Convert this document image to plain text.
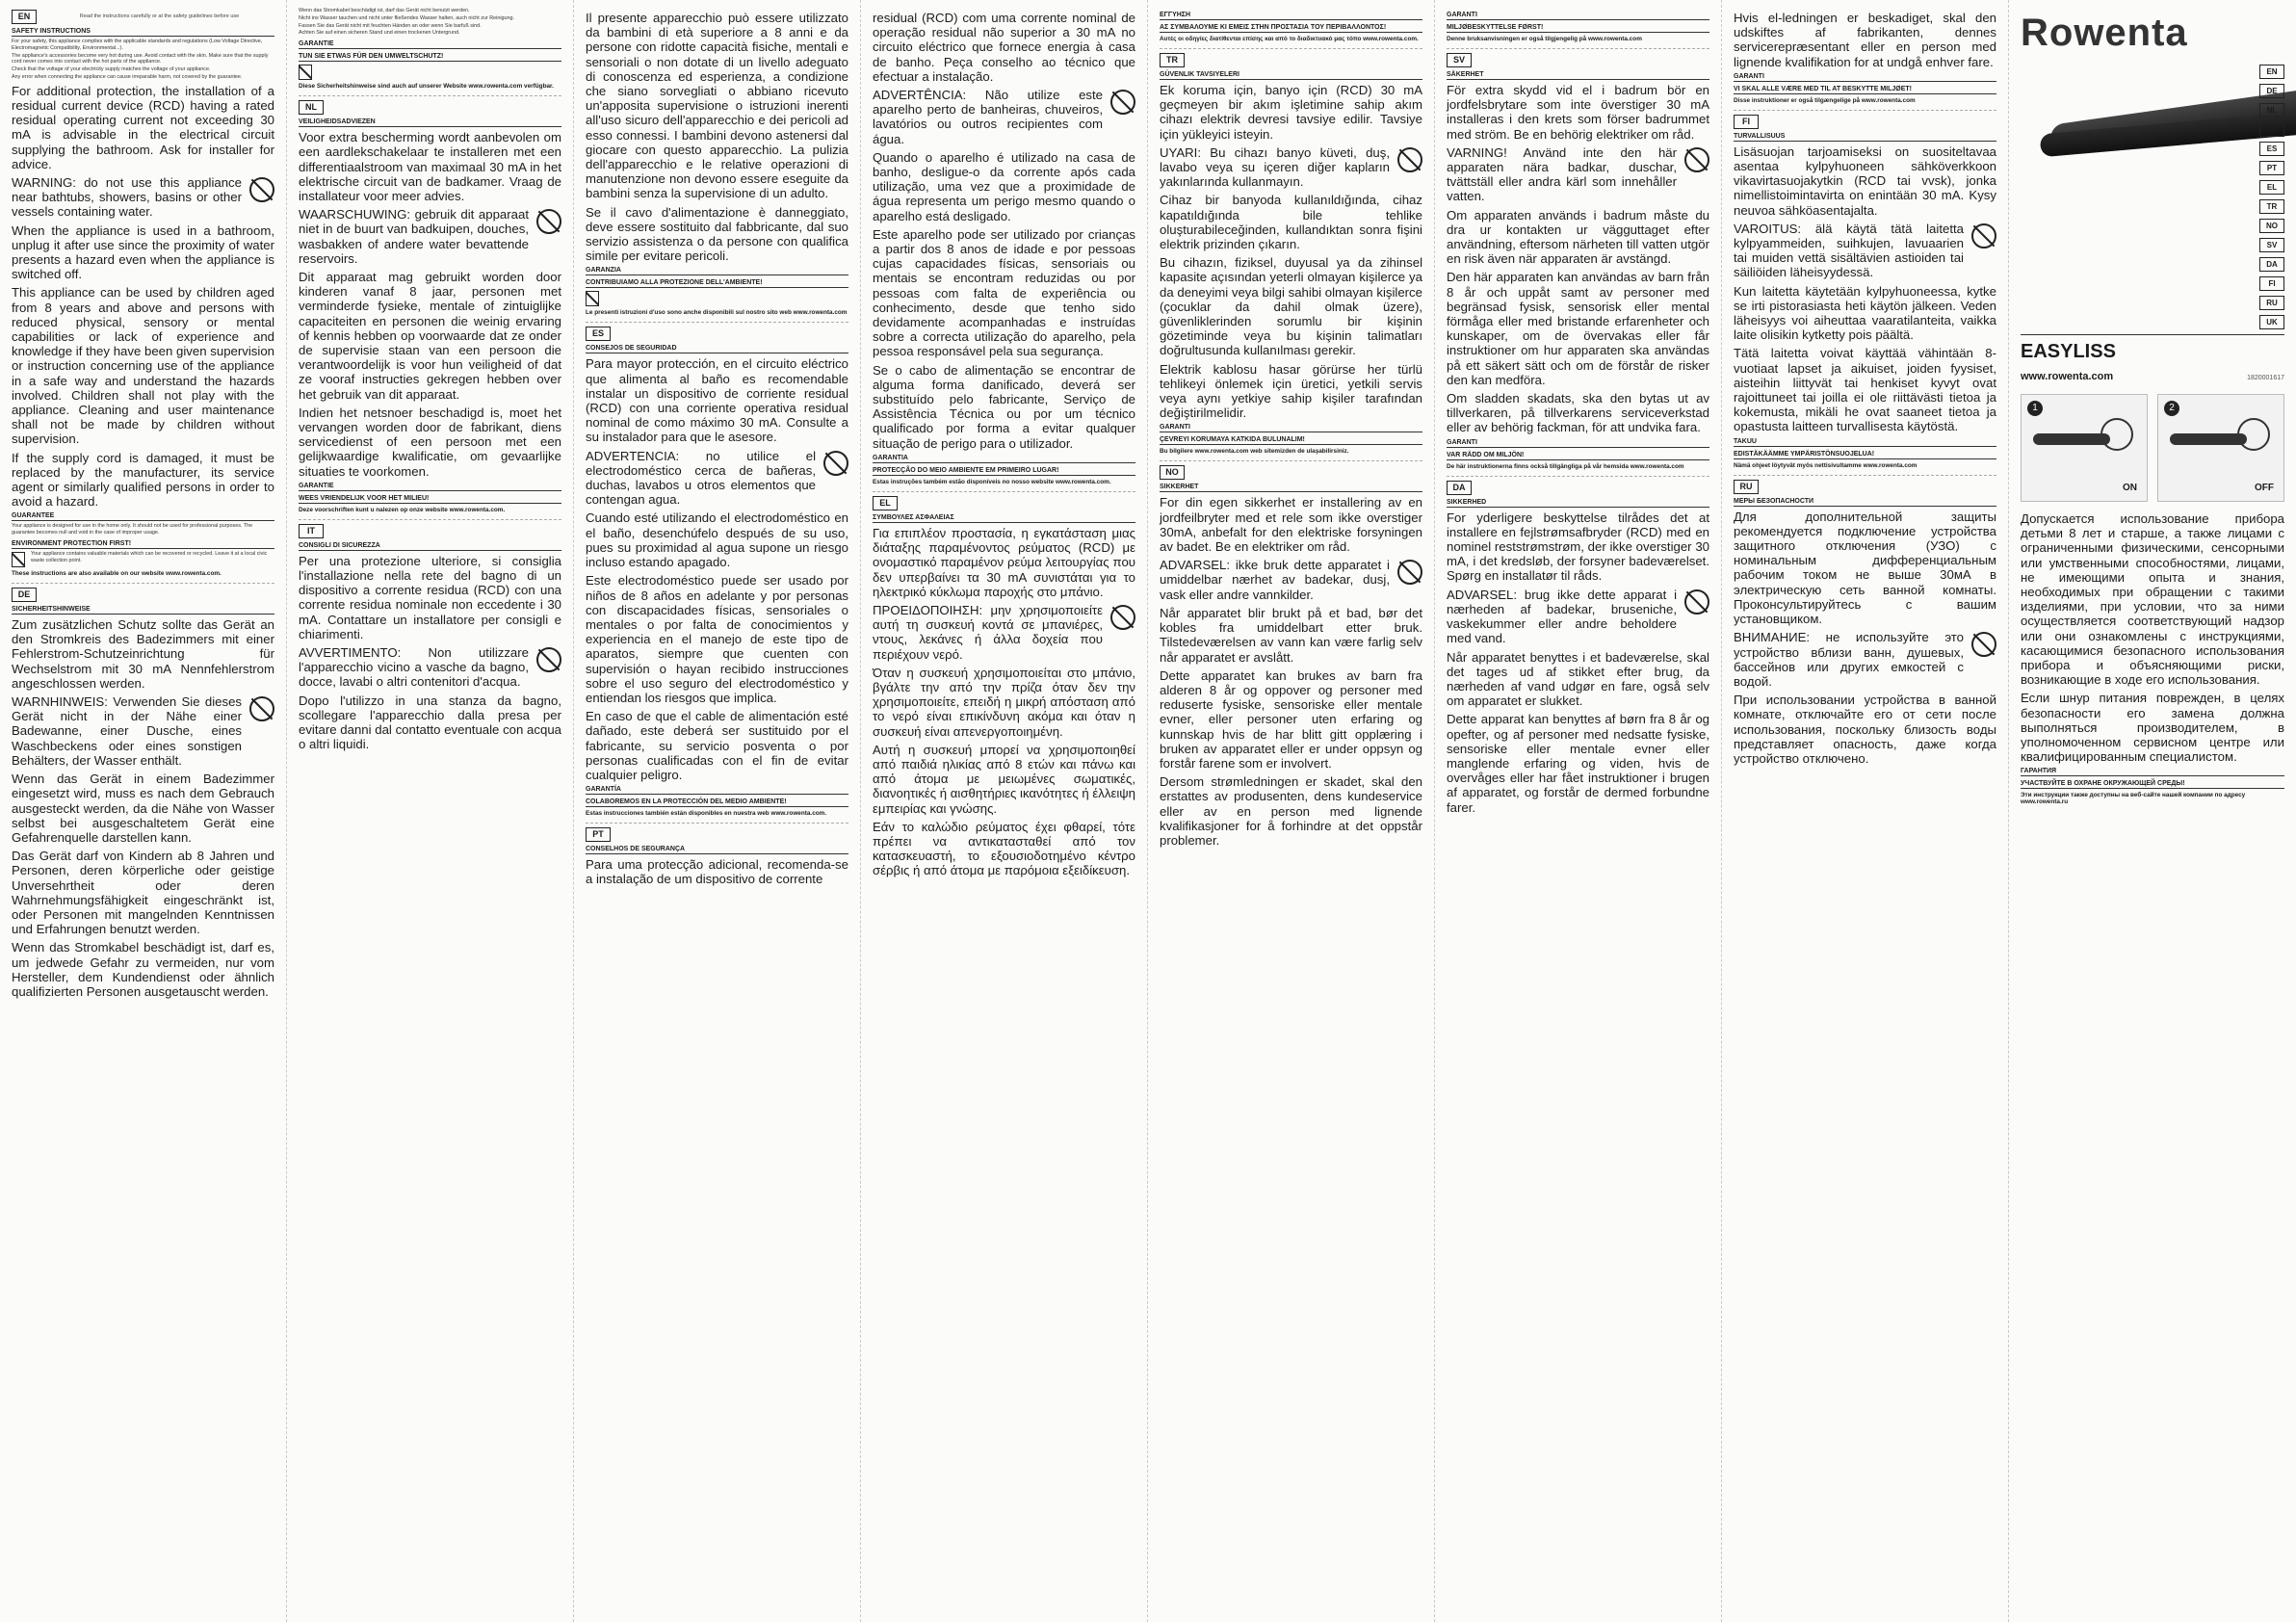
EN	Read the instructions carefully or at the safety guidelines before use
SAFETY INSTRUCTIONS

For your safety, this appliance complies with the applicable standards and regulations (Low Voltage Directive, Electromagnetic Compatibility, Environmental...).

The appliance's accessories become very hot during use. Avoid contact with the skin. Make sure that the supply cord never comes into contact with the hot parts of the appliance.

Check that the voltage of your electricity supply matches the voltage of your appliance.

Any error when connecting the appliance can cause irreparable harm, not covered by the guarantee.

For additional protection, the installation of a residual current device (RCD) having a rated residual operating current not exceeding 30 mA is advisable in the electrical circuit supplying the bathroom. Ask for installer for advice.

WARNING: do not use this appliance near bathtubs, showers, basins or other vessels containing water.

When the appliance is used in a bathroom, unplug it after use since the proximity of water presents a hazard even when the appliance is switched off.

This appliance can be used by children aged from 8 years and above and persons with reduced physical, sensory or mental capabilities or lack of experience and knowledge if they have been given supervision or instruction concerning use of the appliance in a safe way and understand the hazards involved. Children shall not play with the appliance. Cleaning and user maintenance shall not be made by children without supervision.

If the supply cord is damaged, it must be replaced by the manufacturer, its service agent or similarly qualified persons in order to avoid a hazard.

GUARANTEE

Your appliance is designed for use in the home only. It should not be used for professional purposes. The guarantee becomes null and void in the case of improper usage.

ENVIRONMENT PROTECTION FIRST!

Your appliance contains valuable materials which can be recovered or recycled. Leave it at a local civic waste collection point.

These instructions are also available on our website www.rowenta.com.

DE
SICHERHEITSHINWEISE

Zum zusätzlichen Schutz sollte das Gerät an den Stromkreis des Badezimmers mit einer Fehlerstrom-Schutzeinrichtung für Wechselstrom mit 30 mA Nennfehlerstrom angeschlossen werden.

WARNHINWEIS: Verwenden Sie dieses Gerät nicht in der Nähe einer Badewanne, einer Dusche, eines Waschbeckens oder eines sonstigen Behälters, der Wasser enthält.

Wenn das Gerät in einem Badezimmer eingesetzt wird, muss es nach dem Gebrauch ausgesteckt werden, da die Nähe von Wasser selbst bei ausgeschaltetem Gerät eine Gefahrenquelle darstellen kann.

Das Gerät darf von Kindern ab 8 Jahren und Personen, deren körperliche oder geistige Unversehrtheit oder deren Wahrnehmungsfähigkeit eingeschränkt ist, oder Personen mit mangelnden Kenntnissen und Erfahrungen benutzt werden.

Wenn das Stromkabel beschädigt ist, darf es, um jedwede Gefahr zu vermeiden, nur vom Hersteller, dem Kundendienst oder ähnlich qualifizierten Personen ausgetauscht werden.

Wenn das Stromkabel beschädigt ist, darf das Gerät nicht benutzt werden.

Nicht ins Wasser tauchen und nicht unter fließendes Wasser halten, auch nicht zur Reinigung.

Fassen Sie das Gerät nicht mit feuchten Händen an oder wenn Sie barfuß sind.

Achten Sie auf einen sicheren Stand und einen trockenen Untergrund.

GARANTIE
TUN SIE ETWAS FÜR DEN UMWELTSCHUTZ!

Diese Sicherheitshinweise sind auch auf unserer Website www.rowenta.com verfügbar.

NL
VEILIGHEIDSADVIEZEN

Voor extra bescherming wordt aanbevolen om een aardlekschakelaar te installeren met een differentiaalstroom van maximaal 30 mA in het elektrische circuit van de badkamer. Vraag de installateur voor meer advies.

WAARSCHUWING: gebruik dit apparaat niet in de buurt van badkuipen, douches, wasbakken of andere water bevattende reservoirs.

Dit apparaat mag gebruikt worden door kinderen vanaf 8 jaar, personen met verminderde fysieke, mentale of zintuiglijke capaciteiten en personen die weinig ervaring of kennis hebben op voorwaarde dat ze onder de supervisie staan van een persoon die verantwoordelijk is voor hun veiligheid of dat ze vooraf instructies gekregen hebben over het gebruik van dit apparaat.

Indien het netsnoer beschadigd is, moet het vervangen worden door de fabrikant, diens servicedienst of een persoon met een gelijkwaardige kwalificatie, om gevaarlijke situaties te voorkomen.

GARANTIE
WEES VRIENDELIJK VOOR HET MILIEU!

Deze voorschriften kunt u nalezen op onze website www.rowenta.com.

IT
CONSIGLI DI SICUREZZA

Per una protezione ulteriore, si consiglia l'installazione nella rete del bagno di un dispositivo a corrente residua (RCD) con una corrente residua nominale non eccedente i 30 mA. Contattare un installatore per consigli e chiarimenti.

AVVERTIMENTO: Non utilizzare l'apparecchio vicino a vasche da bagno, docce, lavabi o altri contenitori d'acqua.

Dopo l'utilizzo in una stanza da bagno, scollegare l'apparecchio dalla presa per evitare danni dal contatto eventuale con acqua o altri liquidi.

Il presente apparecchio può essere utilizzato da bambini di età superiore a 8 anni e da persone con ridotte capacità fisiche, mentali e sensoriali o non dotate di un livello adeguato di conoscenza ed esperienza, a condizione che siano sorvegliati o abbiano ricevuto un'apposita supervisione o istruzioni inerenti all'uso sicuro dell'apparecchio e dei pericoli ad esso connessi. I bambini devono astenersi dal giocare con questo apparecchio. La pulizia dell'apparecchio e le relative operazioni di manutenzione non devono essere eseguite da bambini senza la supervisione di un adulto.

Se il cavo d'alimentazione è danneggiato, deve essere sostituito dal fabbricante, dal suo servizio assistenza o da persone con qualifica simile per evitare pericoli.

GARANZIA
CONTRIBUIAMO ALLA PROTEZIONE DELL'AMBIENTE!

Le presenti istruzioni d'uso sono anche disponibili sul nostro sito web www.rowenta.com

ES
CONSEJOS DE SEGURIDAD

Para mayor protección, en el circuito eléctrico que alimenta al baño es recomendable instalar un dispositivo de corriente residual (RCD) con una corriente operativa residual nominal de como máximo 30 mA. Consulte a su instalador para que le asesore.

ADVERTENCIA: no utilice el electrodoméstico cerca de bañeras, duchas, lavabos u otros elementos que contengan agua.

Cuando esté utilizando el electrodoméstico en el baño, desenchúfelo después de su uso, pues su proximidad al agua supone un riesgo incluso estando apagado.

Este electrodoméstico puede ser usado por niños de 8 años en adelante y por personas con discapacidades físicas, sensoriales o mentales o por falta de conocimientos y experiencia en el manejo de este tipo de aparatos, siempre que cuenten con supervisión o hayan recibido instrucciones sobre el uso seguro del electrodoméstico y entiendan los riesgos que implica.

En caso de que el cable de alimentación esté dañado, este deberá ser sustituido por el fabricante, su servicio posventa o por personas cualificadas con el fin de evitar cualquier peligro.

GARANTÍA
COLABOREMOS EN LA PROTECCIÓN DEL MEDIO AMBIENTE!

Estas instrucciones también están disponibles en nuestra web www.rowenta.com.

PT
CONSELHOS DE SEGURANÇA

Para uma protecção adicional, recomenda-se a instalação de um dispositivo de corrente

residual (RCD) com uma corrente nominal de operação residual não superior a 30 mA no circuito eléctrico que fornece energia à casa de banho. Peça conselho ao técnico que efectuar a instalação.

ADVERTÊNCIA: Não utilize este aparelho perto de banheiras, chuveiros, lavatórios ou outros recipientes com água.

Quando o aparelho é utilizado na casa de banho, desligue-o da corrente após cada utilização, uma vez que a proximidade de água representa um perigo mesmo quando o aparelho está desligado.

Este aparelho pode ser utilizado por crianças a partir dos 8 anos de idade e por pessoas cujas capacidades físicas, sensoriais ou mentais se encontram reduzidas ou por pessoas com falta de experiência ou conhecimento, desde que tenho sido devidamente acompanhadas e instruídas sobre a correcta utilização do aparelho, pela pessoa responsável pela sua segurança.

Se o cabo de alimentação se encontrar de alguma forma danificado, deverá ser substituído pelo fabricante, Serviço de Assistência Técnica ou por um técnico qualificado por forma a evitar qualquer situação de perigo para o utilizador.

GARANTIA
PROTECÇÃO DO MEIO AMBIENTE EM PRIMEIRO LUGAR!

Estas instruções também estão disponíveis no nosso website www.rowenta.com.

EL
ΣΥΜΒΟΥΛΕΣ ΑΣΦΑΛΕΙΑΣ

Για επιπλέον προστασία, η εγκατάσταση μιας διάταξης παραμένοντος ρεύματος (RCD) με ονομαστικό παραμένον ρεύμα λειτουργίας που δεν υπερβαίνει τα 30 mA συνιστάται για το ηλεκτρικό κύκλωμα παροχής στο μπάνιο.

ΠΡΟΕΙΔΟΠΟΙΗΣΗ: μην χρησιμοποιείτε αυτή τη συσκευή κοντά σε μπανιέρες, ντους, λεκάνες ή άλλα δοχεία που περιέχουν νερό.

Όταν η συσκευή χρησιμοποιείται στο μπάνιο, βγάλτε την από την πρίζα όταν δεν την χρησιμοποιείτε, επειδή η μικρή απόσταση από το νερό είναι επικίνδυνη ακόμα και όταν η συσκευή είναι απενεργοποιημένη.

Αυτή η συσκευή μπορεί να χρησιμοποιηθεί από παιδιά ηλικίας από 8 ετών και πάνω και από άτομα με μειωμένες σωματικές, διανοητικές ή αισθητήριες ικανότητες ή έλλειψη εμπειρίας και γνώσης.

Εάν το καλώδιο ρεύματος έχει φθαρεί, τότε πρέπει να αντικατασταθεί από τον κατασκευαστή, το εξουσιοδοτημένο κέντρο σέρβις ή από άτομα με παρόμοια εξειδίκευση.

ΕΓΓΥΗΣΗ
ΑΣ ΣΥΜΒΑΛΟΥΜΕ ΚΙ ΕΜΕΙΣ ΣΤΗΝ ΠΡΟΣΤΑΣΙΑ ΤΟΥ ΠΕΡΙΒΑΛΛΟΝΤΟΣ!

Αυτές οι οδηγίες διατίθενται επίσης και από το διαδικτυακό μας τόπο www.rowenta.com.

TR
GÜVENLIK TAVSIYELERI

Ek koruma için, banyo için (RCD) 30 mA geçmeyen bir akım işletimine sahip akım cihazı elektrik devresi tavsiye edilir. Tavsiye için yükleyici isteyin.

UYARI: Bu cihazı banyo küveti, duş, lavabo veya su içeren diğer kapların yakınlarında kullanmayın.

Cihaz bir banyoda kullanıldığında, cihaz kapatıldığında bile tehlike oluşturabileceğinden, kullandıktan sonra fişini elektrik prizinden çıkarın.

Bu cihazın, fiziksel, duyusal ya da zihinsel kapasite açısından yeterli olmayan kişilerce ya da deneyimi veya bilgi sahibi olmayan kişilerce (çocuklar da dahil olmak üzere), güvenliklerinden sorumlu bir kişinin gözetiminde veya bu kişinin talimatları doğrultusunda kullanılması gerekir.

Elektrik kablosu hasar görürse her türlü tehlikeyi önlemek için üretici, yetkili servis veya aynı yetkiye sahip kişiler tarafından değiştirilmelidir.

GARANTI
ÇEVREYI KORUMAYA KATKIDA BULUNALIM!

Bu bilgilere www.rowenta.com web sitemizden de ulaşabilirsiniz.

NO
SIKKERHET

For din egen sikkerhet er installering av en jordfeilbryter med et rele som ikke overstiger 30mA, anbefalt for den elektriske forsyningen av badet. Be en elektriker om råd.

ADVARSEL: ikke bruk dette apparatet i umiddelbar nærhet av badekar, dusj, vask eller andre vannkilder.

Når apparatet blir brukt på et bad, bør det kobles fra umiddelbart etter bruk. Tilstedeværelsen av vann kan være farlig selv når apparatet er avslått.

Dette apparatet kan brukes av barn fra alderen 8 år og oppover og personer med reduserte fysiske, sensoriske eller mentale evner, eller personer uten erfaring og kunnskap hvis de har blitt gitt opplæring i bruken av apparatet eller er under oppsyn og forstår farene som er involvert.

Dersom strømledningen er skadet, skal den erstattes av produsenten, dens kundeservice eller av en person med lignende kvalifikasjoner for å forhindre at det oppstår problemer.

GARANTI
MILJØBESKYTTELSE FØRST!

Denne bruksanvisningen er også tilgjengelig på www.rowenta.com

SV
SÄKERHET

För extra skydd vid el i badrum bör en jordfelsbrytare som inte överstiger 30 mA installeras i den krets som förser badrummet med ström. Be en behörig elektriker om råd.

VARNING! Använd inte den här apparaten nära badkar, duschar, tvättställ eller andra kärl som innehåller vatten.

Om apparaten används i badrum måste du dra ur kontakten ur vägguttaget efter användning, eftersom närheten till vatten utgör en risk även när apparaten är avstängd.

Den här apparaten kan användas av barn från 8 år och uppåt samt av personer med begränsad fysisk, sensorisk eller mental förmåga eller med bristande erfarenheter och kunskaper, om de övervakas eller får instruktioner om hur apparaten ska användas på ett säkert sätt och om de förstår de risker den kan medföra.

Om sladden skadats, ska den bytas ut av tillverkaren, på tillverkarens serviceverkstad eller av behörig fackman, för att undvika fara.

GARANTI
VAR RÄDD OM MILJÖN!

De här instruktionerna finns också tillgängliga på vår hemsida www.rowenta.com

DA
SIKKERHED

For yderligere beskyttelse tilrådes det at installere en fejlstrømsafbryder (RCD) med en nominel reststrømstrøm, der ikke overstiger 30 mA, i det kredsløb, der forsyner badeværelset. Spørg en installatør til råds.

ADVARSEL: brug ikke dette apparat i nærheden af badekar, bruseniche, vaskekummer eller andre beholdere med vand.

Når apparatet benyttes i et badeværelse, skal det tages ud af stikket efter brug, da nærheden af vand udgør en fare, også selv om apparatet er slukket.

Dette apparat kan benyttes af børn fra 8 år og opefter, og af personer med nedsatte fysiske, sensoriske eller mentale evner eller manglende erfaring og viden, hvis de overvåges eller har fået instruktioner i brugen af apparatet, og forstår de dermed forbundne farer.

Hvis el-ledningen er beskadiget, skal den udskiftes af fabrikanten, dennes servicerepræsentant eller en person med lignende kvalifikation for at undgå enhver fare.

GARANTI
VI SKAL ALLE VÆRE MED TIL AT BESKYTTE MILJØET!

Disse instruktioner er også tilgængelige på www.rowenta.com

FI
TURVALLISUUS

Lisäsuojan tarjoamiseksi on suositeltavaa asentaa kylpyhuoneen sähköverkkoon vikavirtasuojakytkin (RCD tai vvsk), jonka nimellistoimintavirta on enintään 30 mA. Kysy neuvoa sähköasentajalta.

VAROITUS: älä käytä tätä laitetta kylpyammeiden, suihkujen, lavuaarien tai muiden vettä sisältävien astioiden tai säiliöiden läheisyydessä.

Kun laitetta käytetään kylpyhuoneessa, kytke se irti pistorasiasta heti käytön jälkeen. Veden läheisyys voi aiheuttaa vaaratilanteita, vaikka laite olisikin kytketty pois päältä.

Tätä laitetta voivat käyttää vähintään 8-vuotiaat lapset ja aikuiset, joiden fyysiset, aisteihin liittyvät tai henkiset kyvyt ovat rajoittuneet tai joilla ei ole riittävästi tietoa ja kokemusta, mikäli he ovat saaneet tietoa ja opastusta laitteen turvallisesta käytöstä.

TAKUU
EDISTÄKÄÄMME YMPÄRISTÖNSUOJELUA!

Nämä ohjeet löytyvät myös nettisivultamme www.rowenta.com

RU
МЕРЫ БЕЗОПАСНОСТИ

Для дополнительной защиты рекомендуется подключение устройства защитного отключения (УЗО) с номинальным дифференциальным рабочим током не выше 30мА в электрическую сеть ванной комнаты. Проконсультируйтесь с вашим установщиком.

ВНИМАНИЕ: не используйте это устройство вблизи ванн, душевых, бассейнов или других емкостей с водой.

При использовании устройства в ванной комнате, отключайте его от сети после использования, поскольку близость воды представляет опасность, даже когда устройство отключено.

Rowenta
EN
DE
NL
IT
ES
PT
EL
TR
NO
SV
DA
FI
RU
UK
EASYLISS
www.rowenta.com	1820001617
1
ON
2
OFF

Допускается использование прибора детьми 8 лет и старше, а также лицами с ограниченными физическими, сенсорными или умственными способностями, лицами, не имеющими опыта и знания, необходимых при обращении с такими изделиями, при условии, что за ними осуществляется соответствующий надзор или они ознакомлены с инструкциями, касающимися безопасного использования прибора и объясняющими риски, возникающие в ходе его использования.

Если шнур питания поврежден, в целях безопасности его замена должна выполняться производителем, в уполномоченном сервисном центре или квалифицированным специалистом.

ГАРАНТИЯ
УЧАСТВУЙТЕ В ОХРАНЕ ОКРУЖАЮЩЕЙ СРЕДЫ!

Эти инструкции также доступны на веб-сайте нашей компании по адресу www.rowenta.ru
